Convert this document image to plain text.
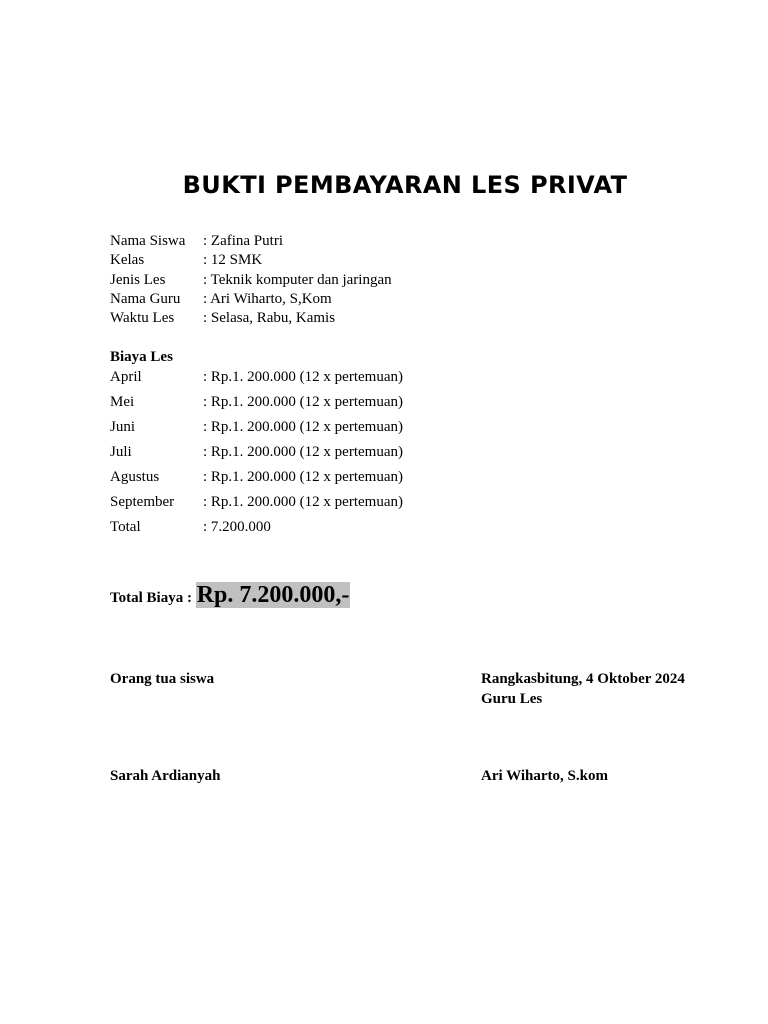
BUKTI PEMBAYARAN LES PRIVAT
Nama Siswa : Zafina Putri
Kelas	: 12 SMK
Jenis Les	: Teknik komputer dan jaringan
Nama Guru : Ari Wiharto, S,Kom
Waktu Les : Selasa, Rabu, Kamis
Biaya Les
April	: Rp.1. 200.000 (12 x pertemuan)
Mei	: Rp.1. 200.000 (12 x pertemuan)
Juni	: Rp.1. 200.000 (12 x pertemuan)
Juli	: Rp.1. 200.000 (12 x pertemuan)
Agustus	: Rp.1. 200.000 (12 x pertemuan)
September : Rp.1. 200.000 (12 x pertemuan)
Total	: 7.200.000
Total Biaya : Rp. 7.200.000,-
Orang tua siswa	Rangkasbitung, 4 Oktober 2024
Guru Les
Sarah Ardianyah	Ari Wiharto, S.kom
